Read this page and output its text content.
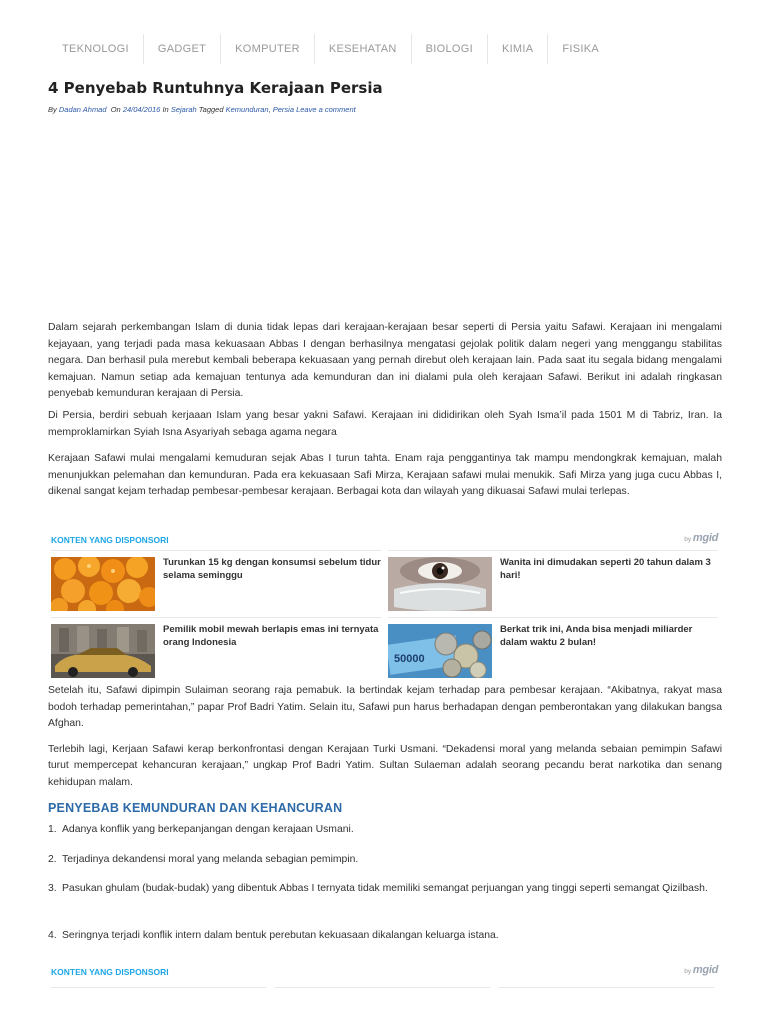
TEKNOLOGI	GADGET	KOMPUTER	KESEHATAN	BIOLOGI	KIMIA	FISIKA
4 Penyebab Runtuhnya Kerajaan Persia
By Dadan Ahmad On 24/04/2016 In Sejarah Tagged Kemunduran, Persia Leave a comment

Dalam sejarah perkembangan Islam di dunia tidak lepas dari kerajaan-kerajaan besar seperti di Persia yaitu Safawi. Kerajaan ini mengalami kejayaan, yang terjadi pada masa kekuasaan Abbas I dengan berhasilnya mengatasi gejolak politik dalam negeri yang menggangu stabilitas negara. Dan berhasil pula merebut kembali beberapa kekuasaan yang pernah direbut oleh kerajaan lain. Pada saat itu segala bidang mengalami kemajuan. Namun setiap ada kemajuan tentunya ada kemunduran dan ini dialami pula oleh kerajaan Safawi. Berikut ini adalah ringkasan penyebab kemunduran kerajaan di Persia.

Di Persia, berdiri sebuah kerjaaan Islam yang besar yakni Safawi. Kerajaan ini dididirikan oleh Syah Isma’il pada 1501 M di Tabriz, Iran. Ia memproklamirkan Syiah Isna Asyariyah sebaga agama negara

Kerajaan Safawi mulai mengalami kemuduran sejak Abas I turun tahta. Enam raja penggantinya tak mampu mendongkrak kemajuan, malah menunjukkan pelemahan dan kemunduran. Pada era kekuasaan Safi Mirza, Kerajaan safawi mulai menukik. Safi Mirza yang juga cucu Abbas I, dikenal sangat kejam terhadap pembesar-pembesar kerajaan. Berbagai kota dan wilayah yang dikuasai Safawi mulai terlepas.

KONTEN YANG DISPONSORI	by mgid
Turunkan 15 kg dengan konsumsi sebelum tidur selama seminggu
Wanita ini dimudakan seperti 20 tahun dalam 3 hari!
Pemilik mobil mewah berlapis emas ini ternyata orang Indonesia
50000
Berkat trik ini, Anda bisa menjadi miliarder dalam waktu 2 bulan!

Setelah itu, Safawi dipimpin Sulaiman seorang raja pemabuk. Ia bertindak kejam terhadap para pembesar kerajaan. “Akibatnya, rakyat masa bodoh terhadap pemerintahan,” papar Prof Badri Yatim. Selain itu, Safawi pun harus berhadapan dengan pemberontakan yang dilakukan bangsa Afghan.

Terlebih lagi, Kerjaan Safawi kerap berkonfrontasi dengan Kerajaan Turki Usmani. “Dekadensi moral yang melanda sebaian pemimpin Safawi turut mempercepat kehancuran kerajaan,” ungkap Prof Badri Yatim. Sultan Sulaeman adalah seorang pecandu berat narkotika dan senang kehidupan malam.

PENYEBAB KEMUNDURAN DAN KEHANCURAN
1. Adanya konflik yang berkepanjangan dengan kerajaan Usmani.
2. Terjadinya dekandensi moral yang melanda sebagian pemimpin.
3. Pasukan ghulam (budak-budak) yang dibentuk Abbas I ternyata tidak memiliki semangat perjuangan yang tinggi seperti semangat Qizilbash.
4. Seringnya terjadi konflik intern dalam bentuk perebutan kekuasaan dikalangan keluarga istana.
KONTEN YANG DISPONSORI	by mgid
